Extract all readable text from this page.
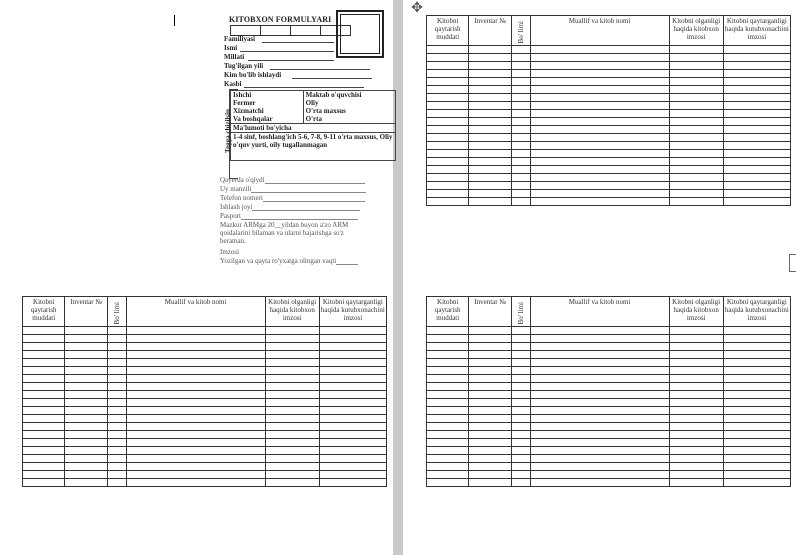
✥
KITOBXON FORMULYARI
Familiyasi
Ismi
Millati
Tug'ilgan yili
Kim bo'lib ishlaydi
Kasbi
Tegga chizilsin
Ishchi	Maktab o'quvchisi
Fermer	Oliy
Xizmatchi	O'rta maxsus
Va boshqalar	O'rta
Ma'lumoti bo'yicha	
1-4 sinf, boshlang'ich 5-6, 7-8, 9-11 o'rta maxsus, Oliy o'quv yurti, oily tugallanmagan	
Qayerda o'qiydi
Uy manzili
Telefon nomeri
Ishlash joyi
Pasport
Mazkur ARMga 20__yildan buyon a'zo ARM qoidalarini bilaman va ularni bajarishga so'z beraman.
Imzosi
Yozilgan va qayta ro'yxatga olingan vaqti
Kitobni qaytarish muddati	Inventar №	Bo' limi	Muallif va kitob nomi	Kitobni olganligi haqida kitobxon imzosi	Kitobni qaytarganligi haqida kutubxonachini imzosi

Kitobni qaytarish muddati	Inventar №	Bo' limi	Muallif va kitob nomi	Kitobni olganligi haqida kitobxon imzosi	Kitobni qaytarganligi haqida kutubxonachini imzosi

Kitobni qaytarish muddati	Inventar №	Bo' limi	Muallif va kitob nomi	Kitobni olganligi haqida kitobxon imzosi	Kitobni qaytarganligi haqida kutubxonachini imzosi
